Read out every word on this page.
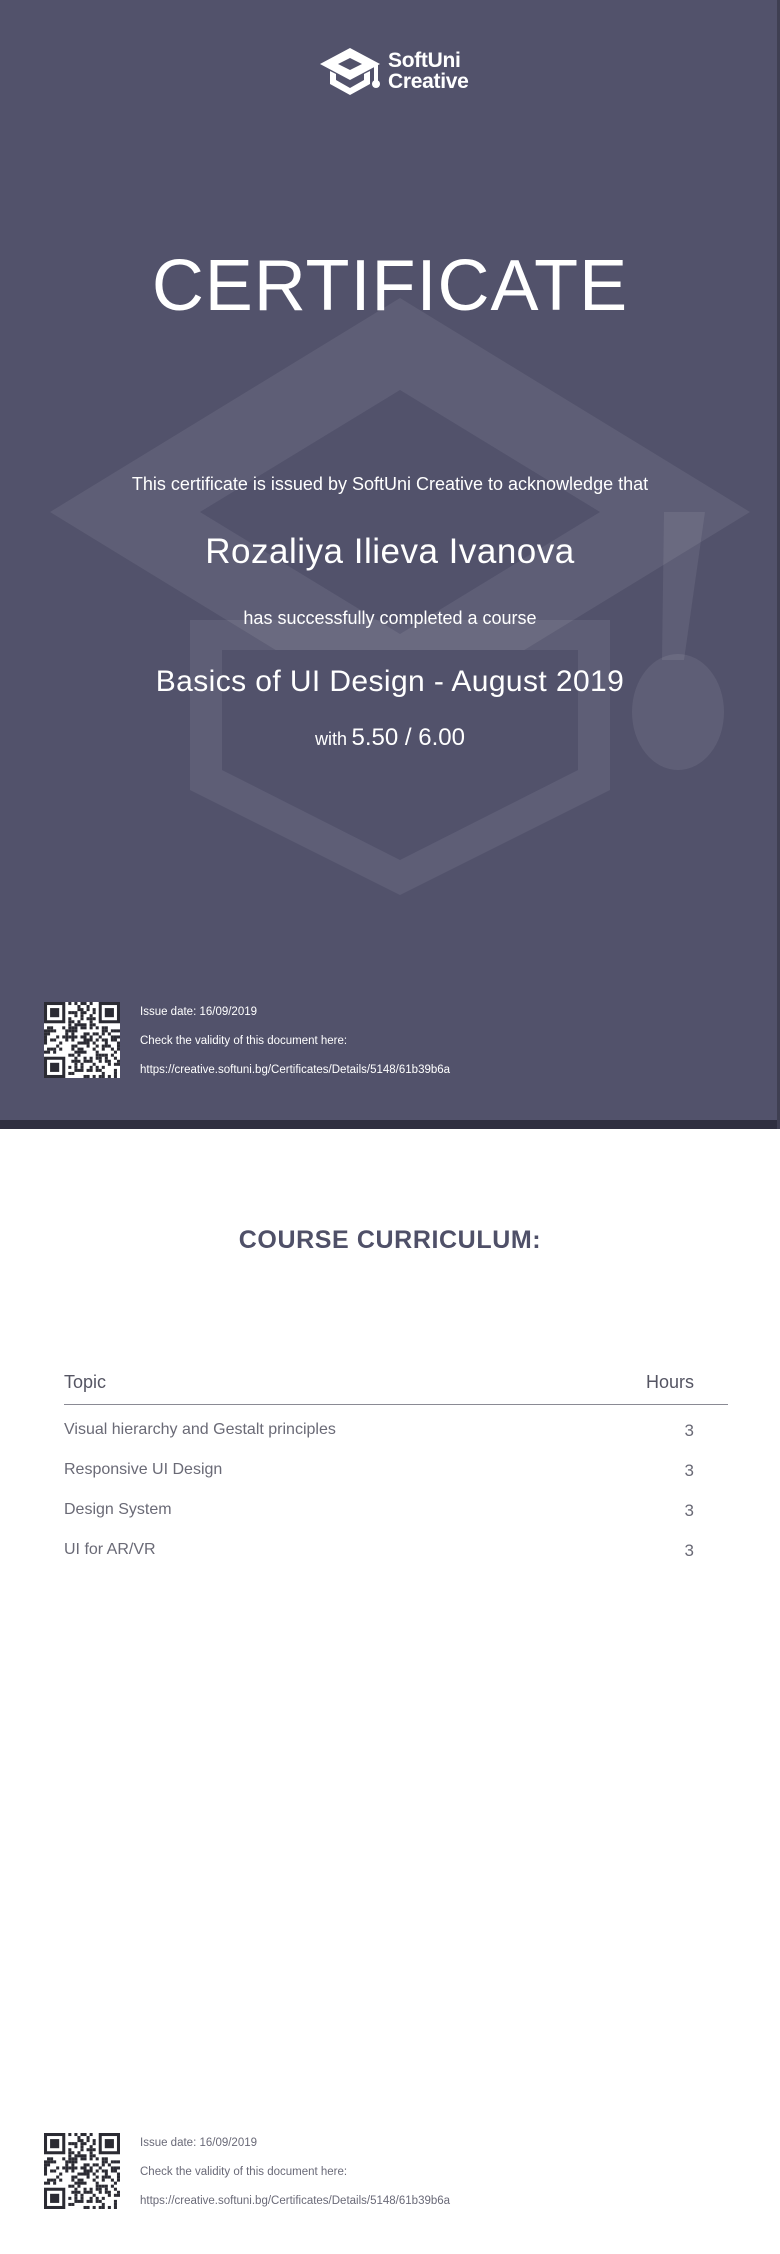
SoftUni
Creative
CERTIFICATE
This certificate is issued by SoftUni Creative to acknowledge that
Rozaliya Ilieva Ivanova
has successfully completed a course
Basics of UI Design - August 2019
with 5.50 / 6.00
Issue date: 16/09/2019
Check the validity of this document here:
https://creative.softuni.bg/Certificates/Details/5148/61b39b6a
COURSE CURRICULUM:
Topic	Hours
Visual hierarchy and Gestalt principles	3
Responsive UI Design	3
Design System	3
UI for AR/VR	3
Issue date: 16/09/2019
Check the validity of this document here:
https://creative.softuni.bg/Certificates/Details/5148/61b39b6a
